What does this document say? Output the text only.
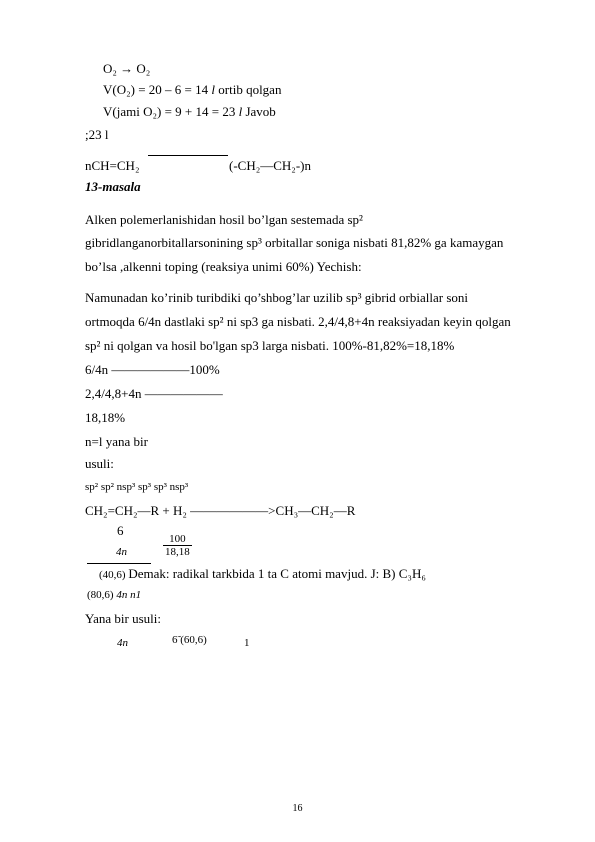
O₂ → O₂
V(O₂) = 20 – 6 = 14 l ortib qolgan
V(jami O₂) = 9 + 14 = 23 l Javob
;23 l
nCH=CH₂	(-CH₂—CH₂-)n
13-masala
Alken polemerlanishidan hosil bo’lgan sestemada sp²
gibridlanganorbitallarsonining sp³ orbitallar soniga nisbati 81,82% ga kamaygan
bo’lsa ,alkenni toping (reaksiya unimi 60%) Yechish:
Namunadan ko’rinib turibdiki qo’shbog’lar uzilib sp³ gibrid orbiallar soni
ortmoqda 6/4n dastlaki sp² ni sp3 ga nisbati. 2,4/4,8+4n reaksiyadan keyin qolgan
sp² ni qolgan va hosil bo'lgan sp3 larga nisbati. 100%-81,82%=18,18%
6/4n ——————100%
2,4/4,8+4n ——————
18,18%
n=l yana bir
usuli:
sp² sp² nsp³ sp³ sp³ nsp³
CH₂=CH₂—R + H₂ ——————>CH₃—CH₂—R
6
4n	$\frac{100}{18,18}$
(40,6) Demak: radikal tarkbida 1 ta C atomi mavjud. J: B) C₃H₆
(80,6) 4n n1
Yana bir usuli:
4n	6̃ (60,6)	1
16
